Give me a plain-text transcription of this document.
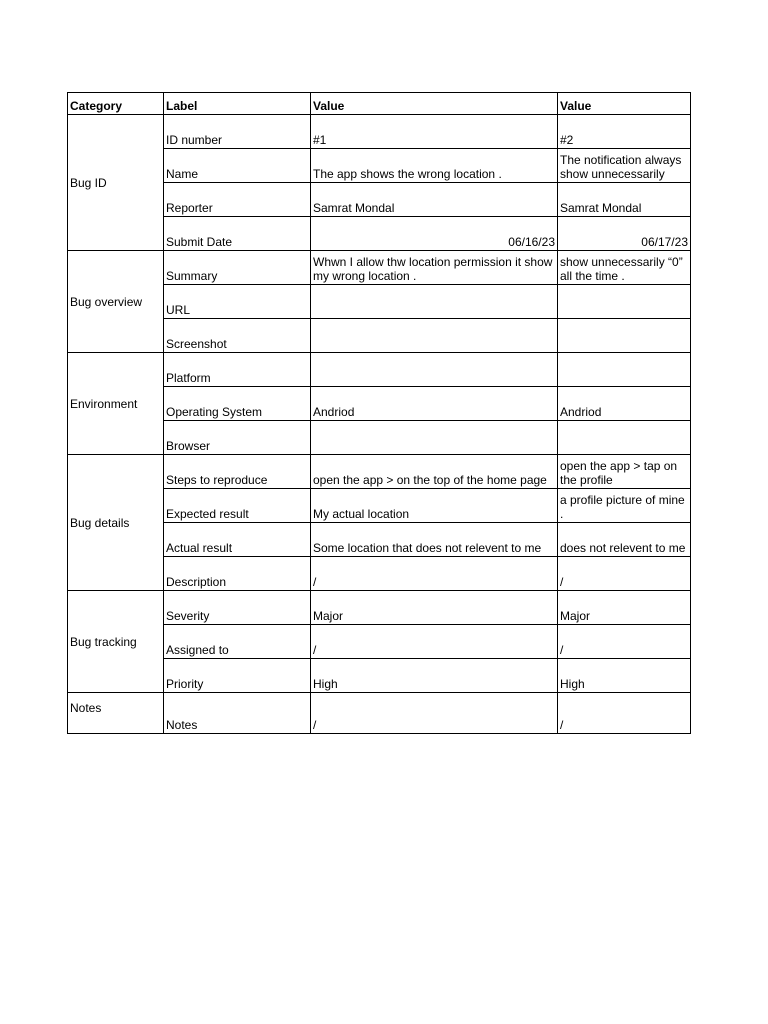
Category	Label	Value	Value
Bug ID	ID number	#1	#2
	Name	The app shows the wrong location .	The notification always show unnecessarily
	Reporter	Samrat Mondal	Samrat Mondal
	Submit Date	06/16/23	06/17/23
Bug overview	Summary	Whwn I allow thw location permission it show my wrong location .	show unnecessarily “0” all the time .
	URL		
	Screenshot		
Environment	Platform		
	Operating System	Andriod	Andriod
	Browser		
Bug details	Steps to reproduce	open the app > on the top of the home page	open the app > tap on the profile
	Expected result	My actual location	a profile picture of mine .
	Actual result	Some location that does not relevent to me	does not relevent to me
	Description	/	/
Bug tracking	Severity	Major	Major
	Assigned to	/	/
	Priority	High	High
Notes	Notes	/	/
